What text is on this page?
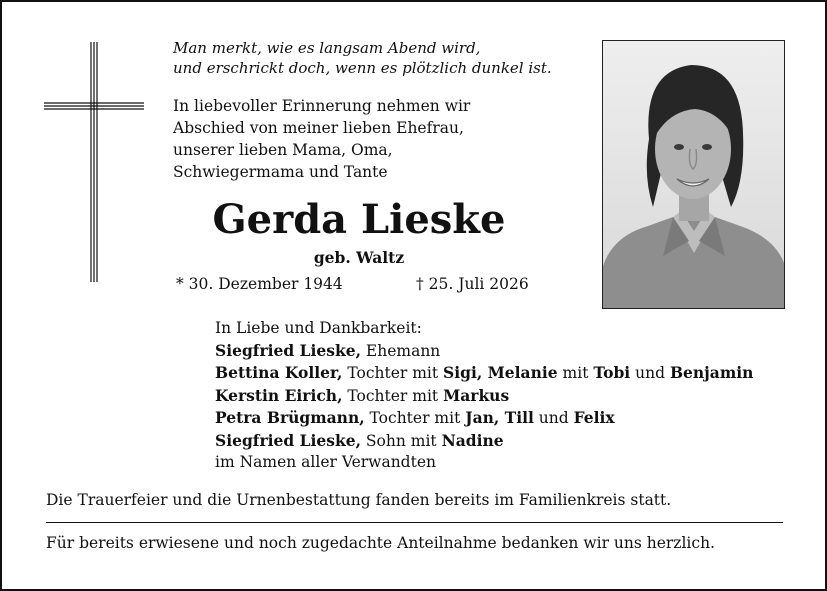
Man merkt, wie es langsam Abend wird,
und erschrickt doch, wenn es plötzlich dunkel ist.
In liebevoller Erinnerung nehmen wir
Abschied von meiner lieben Ehefrau,
unserer lieben Mama, Oma,
Schwiegermama und Tante
Gerda Lieske
geb. Waltz
* 30. Dezember 1944	† 25. Juli 2026
In Liebe und Dankbarkeit:
Siegfried Lieske, Ehemann
Bettina Koller, Tochter mit Sigi, Melanie mit Tobi und Benjamin
Kerstin Eirich, Tochter mit Markus
Petra Brügmann, Tochter mit Jan, Till und Felix
Siegfried Lieske, Sohn mit Nadine
im Namen aller Verwandten
Die Trauerfeier und die Urnenbestattung fanden bereits im Familienkreis statt.
Für bereits erwiesene und noch zugedachte Anteilnahme bedanken wir uns herzlich.
